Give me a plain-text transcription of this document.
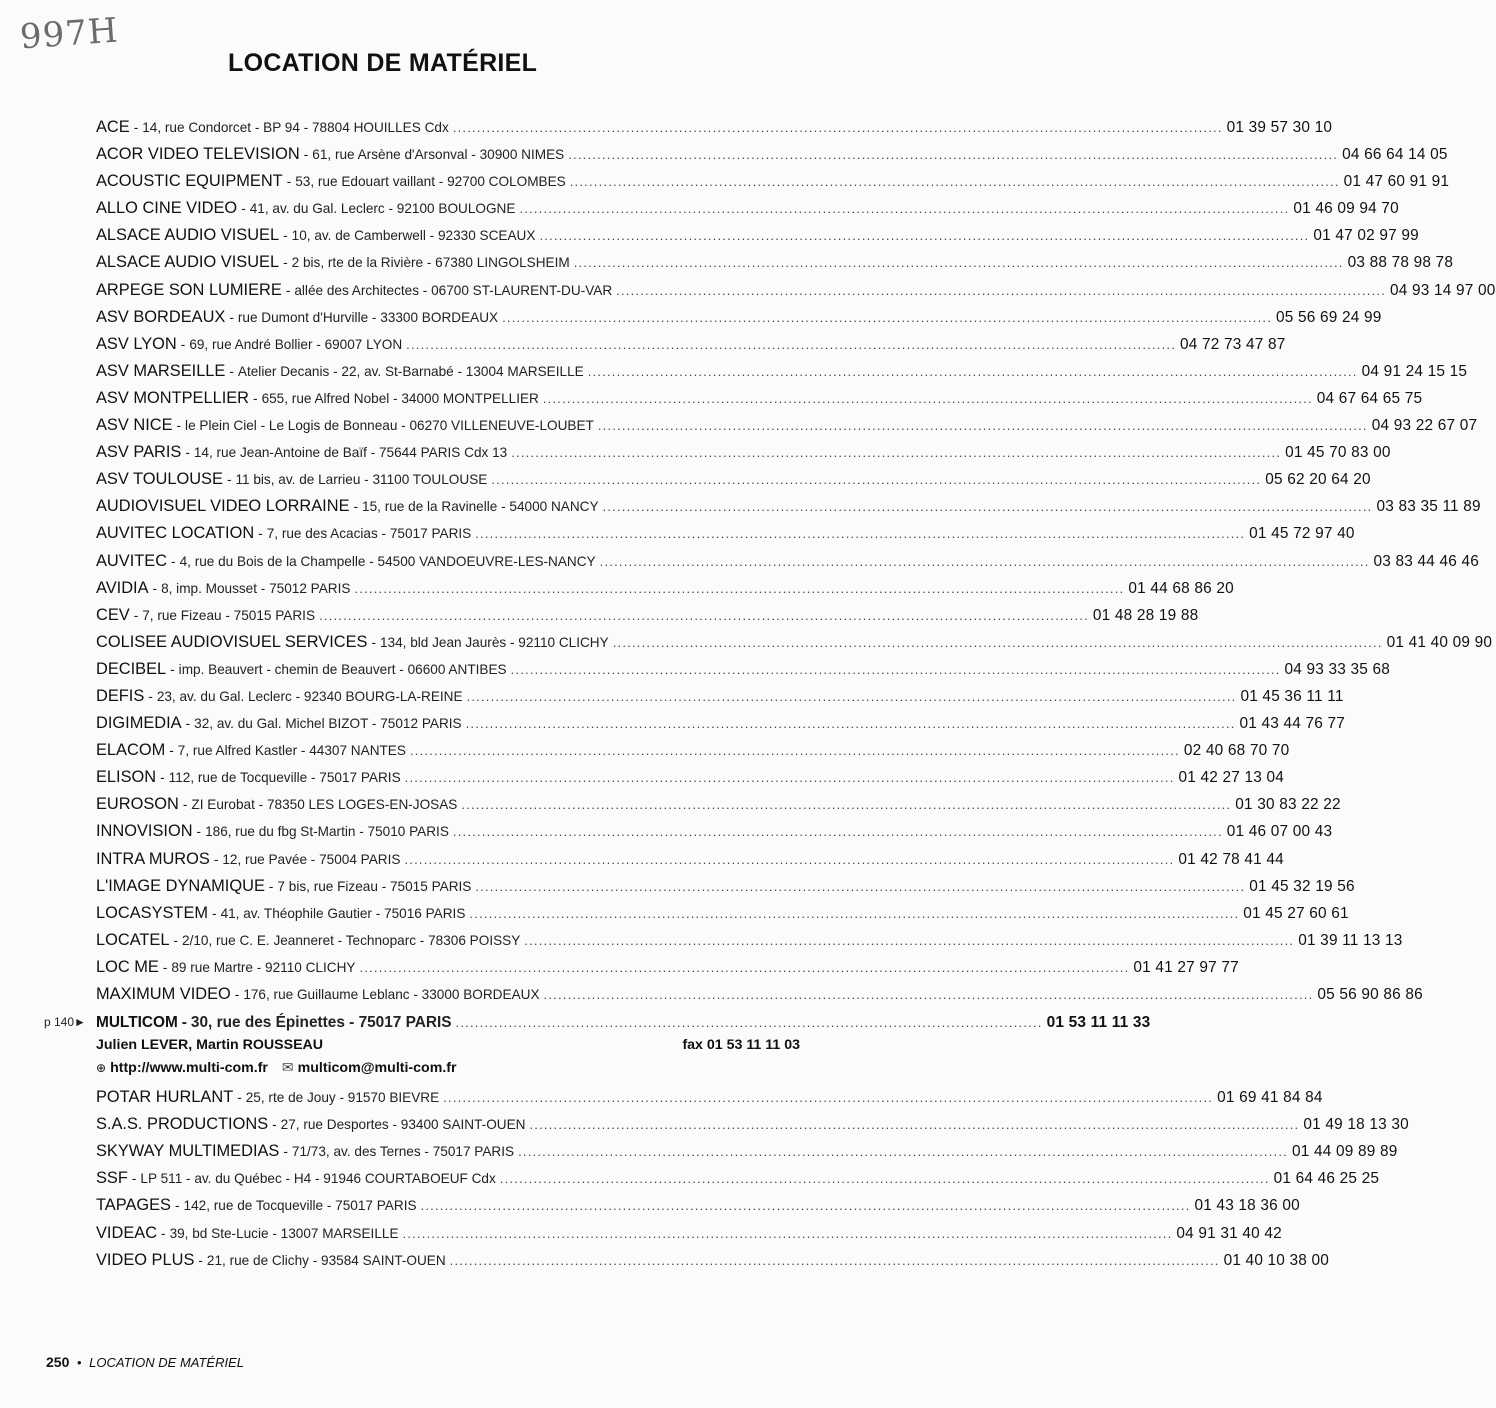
997H
LOCATION DE MATÉRIEL
ACE - 14, rue Condorcet - BP 94 - 78804 HOUILLES Cdx ................................................................................................................................................................ 01 39 57 30 10
ACOR VIDEO TELEVISION - 61, rue Arsène d'Arsonval - 30900 NIMES ................................................................................................................................................................ 04 66 64 14 05
ACOUSTIC EQUIPMENT - 53, rue Edouart vaillant - 92700 COLOMBES ................................................................................................................................................................ 01 47 60 91 91
ALLO CINE VIDEO - 41, av. du Gal. Leclerc - 92100 BOULOGNE ................................................................................................................................................................ 01 46 09 94 70
ALSACE AUDIO VISUEL - 10, av. de Camberwell - 92330 SCEAUX ................................................................................................................................................................ 01 47 02 97 99
ALSACE AUDIO VISUEL - 2 bis, rte de la Rivière - 67380 LINGOLSHEIM ................................................................................................................................................................ 03 88 78 98 78
ARPEGE SON LUMIERE - allée des Architectes - 06700 ST-LAURENT-DU-VAR ................................................................................................................................................................ 04 93 14 97 00
ASV BORDEAUX - rue Dumont d'Hurville - 33300 BORDEAUX ................................................................................................................................................................ 05 56 69 24 99
ASV LYON - 69, rue André Bollier - 69007 LYON ................................................................................................................................................................ 04 72 73 47 87
ASV MARSEILLE - Atelier Decanis - 22, av. St-Barnabé - 13004 MARSEILLE ................................................................................................................................................................ 04 91 24 15 15
ASV MONTPELLIER - 655, rue Alfred Nobel - 34000 MONTPELLIER ................................................................................................................................................................ 04 67 64 65 75
ASV NICE - le Plein Ciel - Le Logis de Bonneau - 06270 VILLENEUVE-LOUBET ................................................................................................................................................................ 04 93 22 67 07
ASV PARIS - 14, rue Jean-Antoine de Baïf - 75644 PARIS Cdx 13 ................................................................................................................................................................ 01 45 70 83 00
ASV TOULOUSE - 11 bis, av. de Larrieu - 31100 TOULOUSE ................................................................................................................................................................ 05 62 20 64 20
AUDIOVISUEL VIDEO LORRAINE - 15, rue de la Ravinelle - 54000 NANCY ................................................................................................................................................................ 03 83 35 11 89
AUVITEC LOCATION - 7, rue des Acacias - 75017 PARIS ................................................................................................................................................................ 01 45 72 97 40
AUVITEC - 4, rue du Bois de la Champelle - 54500 VANDOEUVRE-LES-NANCY ................................................................................................................................................................ 03 83 44 46 46
AVIDIA - 8, imp. Mousset - 75012 PARIS ................................................................................................................................................................ 01 44 68 86 20
CEV - 7, rue Fizeau - 75015 PARIS ................................................................................................................................................................ 01 48 28 19 88
COLISEE AUDIOVISUEL SERVICES - 134, bld Jean Jaurès - 92110 CLICHY ................................................................................................................................................................ 01 41 40 09 90
DECIBEL - imp. Beauvert - chemin de Beauvert - 06600 ANTIBES ................................................................................................................................................................ 04 93 33 35 68
DEFIS - 23, av. du Gal. Leclerc - 92340 BOURG-LA-REINE ................................................................................................................................................................ 01 45 36 11 11
DIGIMEDIA - 32, av. du Gal. Michel BIZOT - 75012 PARIS ................................................................................................................................................................ 01 43 44 76 77
ELACOM - 7, rue Alfred Kastler - 44307 NANTES ................................................................................................................................................................ 02 40 68 70 70
ELISON - 112, rue de Tocqueville - 75017 PARIS ................................................................................................................................................................ 01 42 27 13 04
EUROSON - ZI Eurobat - 78350 LES LOGES-EN-JOSAS ................................................................................................................................................................ 01 30 83 22 22
INNOVISION - 186, rue du fbg St-Martin - 75010 PARIS ................................................................................................................................................................ 01 46 07 00 43
INTRA MUROS - 12, rue Pavée - 75004 PARIS ................................................................................................................................................................ 01 42 78 41 44
L'IMAGE DYNAMIQUE - 7 bis, rue Fizeau - 75015 PARIS ................................................................................................................................................................ 01 45 32 19 56
LOCASYSTEM - 41, av. Théophile Gautier - 75016 PARIS ................................................................................................................................................................ 01 45 27 60 61
LOCATEL - 2/10, rue C. E. Jeanneret - Technoparc - 78306 POISSY ................................................................................................................................................................ 01 39 11 13 13
LOC ME - 89 rue Martre - 92110 CLICHY ................................................................................................................................................................ 01 41 27 97 77
MAXIMUM VIDEO - 176, rue Guillaume Leblanc - 33000 BORDEAUX ................................................................................................................................................................ 05 56 90 86 86
p 140► MULTICOM - 30, rue des Épinettes - 75017 PARIS .......................................................................................................................... 01 53 11 11 33
Julien LEVER, Martin ROUSSEAU	fax 01 53 11 11 03
⊕ http://www.multi-com.fr ✉ multicom@multi-com.fr
POTAR HURLANT - 25, rte de Jouy - 91570 BIEVRE ................................................................................................................................................................ 01 69 41 84 84
S.A.S. PRODUCTIONS - 27, rue Desportes - 93400 SAINT-OUEN ................................................................................................................................................................ 01 49 18 13 30
SKYWAY MULTIMEDIAS - 71/73, av. des Ternes - 75017 PARIS ................................................................................................................................................................ 01 44 09 89 89
SSF - LP 511 - av. du Québec - H4 - 91946 COURTABOEUF Cdx ................................................................................................................................................................ 01 64 46 25 25
TAPAGES - 142, rue de Tocqueville - 75017 PARIS ................................................................................................................................................................ 01 43 18 36 00
VIDEAC - 39, bd Ste-Lucie - 13007 MARSEILLE ................................................................................................................................................................ 04 91 31 40 42
VIDEO PLUS - 21, rue de Clichy - 93584 SAINT-OUEN ................................................................................................................................................................ 01 40 10 38 00
250 • LOCATION DE MATÉRIEL
